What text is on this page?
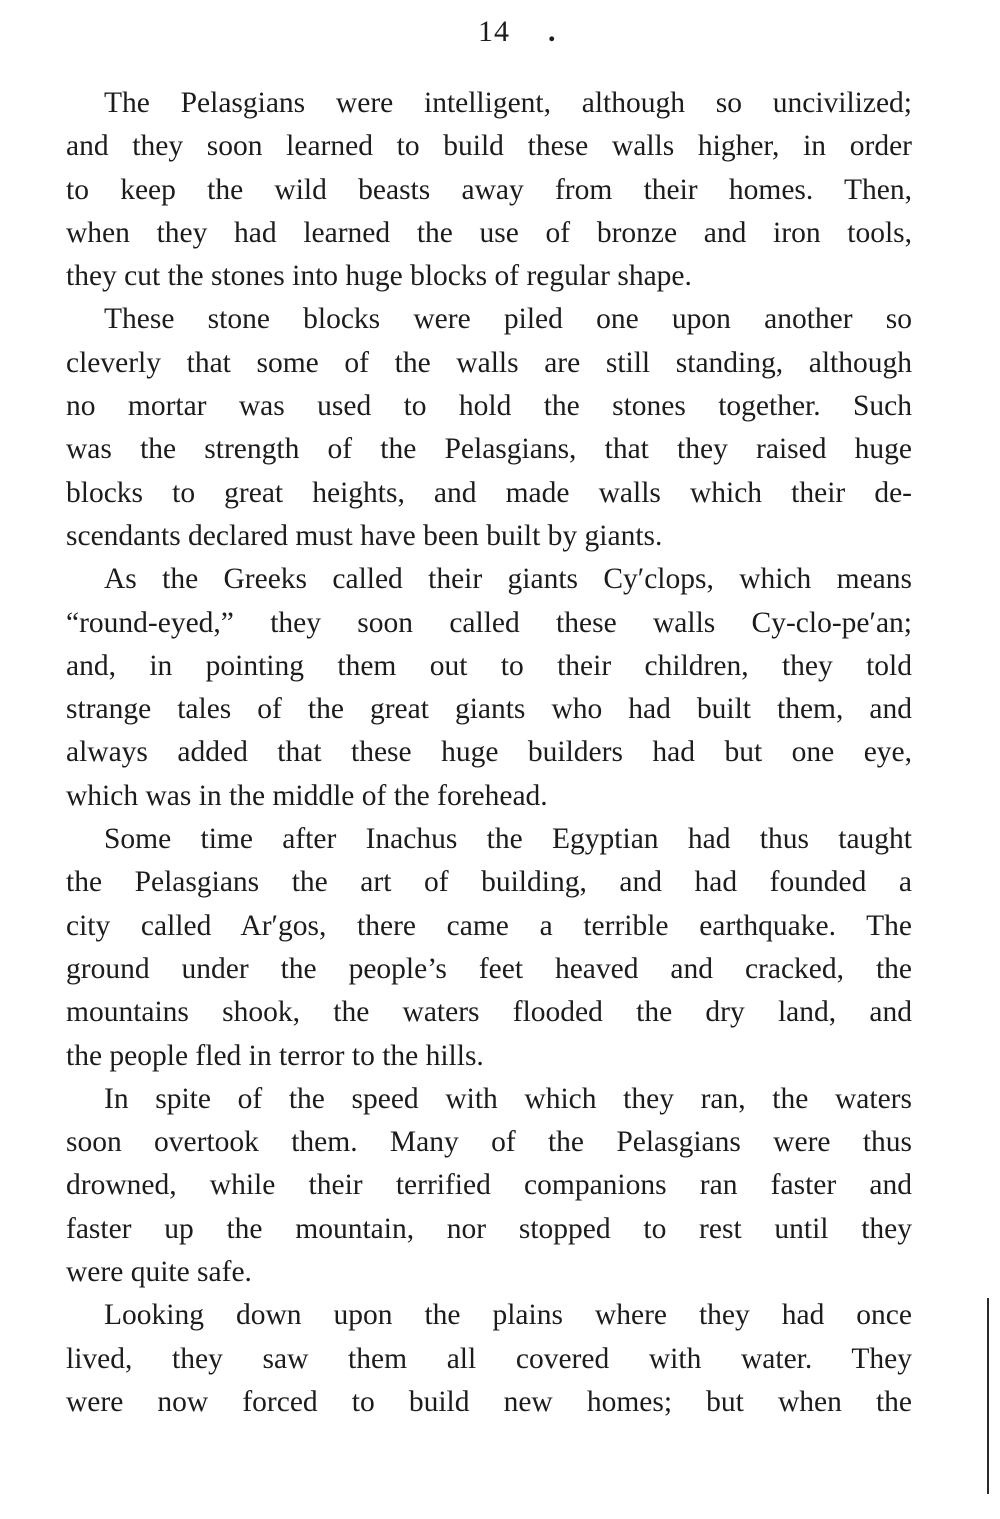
14 .
The Pelasgians were intelligent, although so uncivilized;
and they soon learned to build these walls higher, in order
to keep the wild beasts away from their homes. Then,
when they had learned the use of bronze and iron tools,
they cut the stones into huge blocks of regular shape.
These stone blocks were piled one upon another so
cleverly that some of the walls are still standing, although
no mortar was used to hold the stones together. Such
was the strength of the Pelasgians, that they raised huge
blocks to great heights, and made walls which their de-
scendants declared must have been built by giants.
As the Greeks called their giants Cy′clops, which means
“round-eyed,” they soon called these walls Cy-clo-pe′an;
and, in pointing them out to their children, they told
strange tales of the great giants who had built them, and
always added that these huge builders had but one eye,
which was in the middle of the forehead.
Some time after Inachus the Egyptian had thus taught
the Pelasgians the art of building, and had founded a
city called Ar′gos, there came a terrible earthquake. The
ground under the people’s feet heaved and cracked, the
mountains shook, the waters flooded the dry land, and
the people fled in terror to the hills.
In spite of the speed with which they ran, the waters
soon overtook them. Many of the Pelasgians were thus
drowned, while their terrified companions ran faster and
faster up the mountain, nor stopped to rest until they
were quite safe.
Looking down upon the plains where they had once
lived, they saw them all covered with water. They
were now forced to build new homes; but when the
